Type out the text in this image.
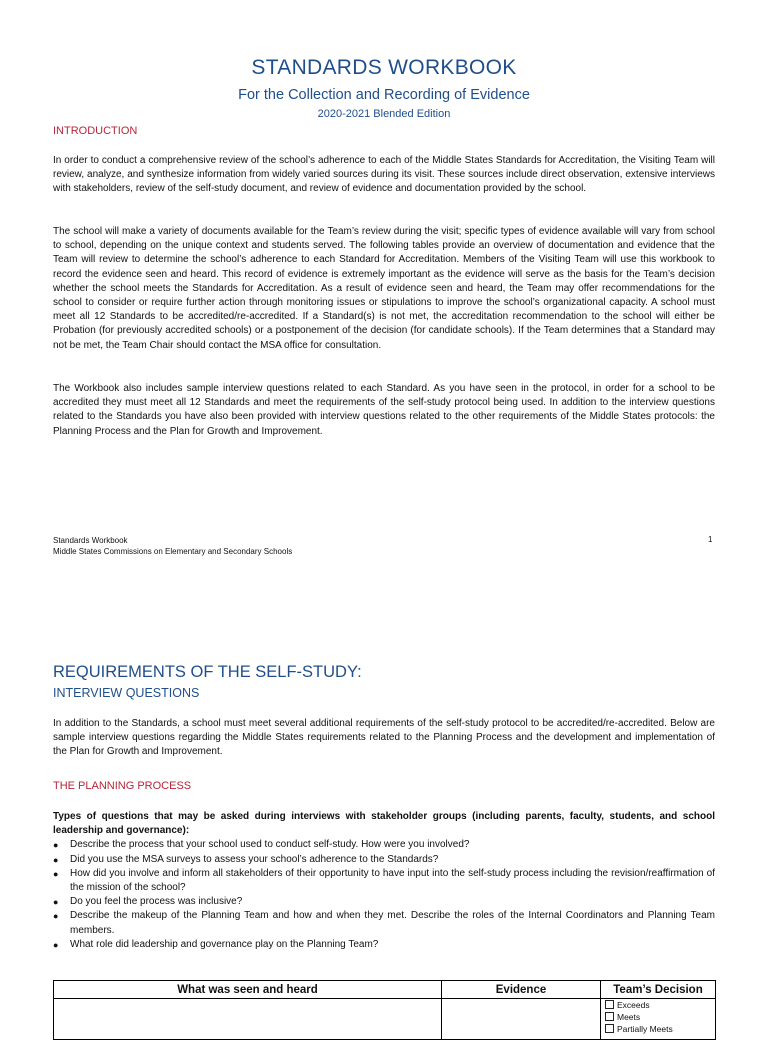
STANDARDS WORKBOOK
For the Collection and Recording of Evidence
2020-2021 Blended Edition
INTRODUCTION

In order to conduct a comprehensive review of the school’s adherence to each of the Middle States Standards for Accreditation, the Visiting Team will review, analyze, and synthesize information from widely varied sources during its visit. These sources include direct observation, extensive interviews with stakeholders, review of the self-study document, and review of evidence and documentation provided by the school.

The school will make a variety of documents available for the Team’s review during the visit; specific types of evidence available will vary from school to school, depending on the unique context and students served. The following tables provide an overview of documentation and evidence that the Team will review to determine the school’s adherence to each Standard for Accreditation. Members of the Visiting Team will use this workbook to record the evidence seen and heard. This record of evidence is extremely important as the evidence will serve as the basis for the Team’s decision whether the school meets the Standards for Accreditation. As a result of evidence seen and heard, the Team may offer recommendations for the school to consider or require further action through monitoring issues or stipulations to improve the school’s organizational capacity. A school must meet all 12 Standards to be accredited/re-accredited. If a Standard(s) is not met, the accreditation recommendation to the school will either be Probation (for previously accredited schools) or a postponement of the decision (for candidate schools). If the Team determines that a Standard may not be met, the Team Chair should contact the MSA office for consultation.

The Workbook also includes sample interview questions related to each Standard. As you have seen in the protocol, in order for a school to be accredited they must meet all 12 Standards and meet the requirements of the self-study protocol being used. In addition to the interview questions related to the Standards you have also been provided with interview questions related to the other requirements of the Middle States protocols: the Planning Process and the Plan for Growth and Improvement.

Standards Workbook
Middle States Commissions on Elementary and Secondary Schools
1
REQUIREMENTS OF THE SELF-STUDY:
INTERVIEW QUESTIONS

In addition to the Standards, a school must meet several additional requirements of the self-study protocol to be accredited/re-accredited. Below are sample interview questions regarding the Middle States requirements related to the Planning Process and the development and implementation of the Plan for Growth and Improvement.

THE PLANNING PROCESS

Types of questions that may be asked during interviews with stakeholder groups (including parents, faculty, students, and school leadership and governance):

● Describe the process that your school used to conduct self-study. How were you involved?
● Did you use the MSA surveys to assess your school’s adherence to the Standards?
● How did you involve and inform all stakeholders of their opportunity to have input into the self-study process including the revision/reaffirmation of the mission of the school?
● Do you feel the process was inclusive?
● Describe the makeup of the Planning Team and how and when they met. Describe the roles of the Internal Coordinators and Planning Team members.
● What role did leadership and governance play on the Planning Team?
What was seen and heard	Evidence	Team’s Decision

		Exceeds
Meets
Partially Meets
